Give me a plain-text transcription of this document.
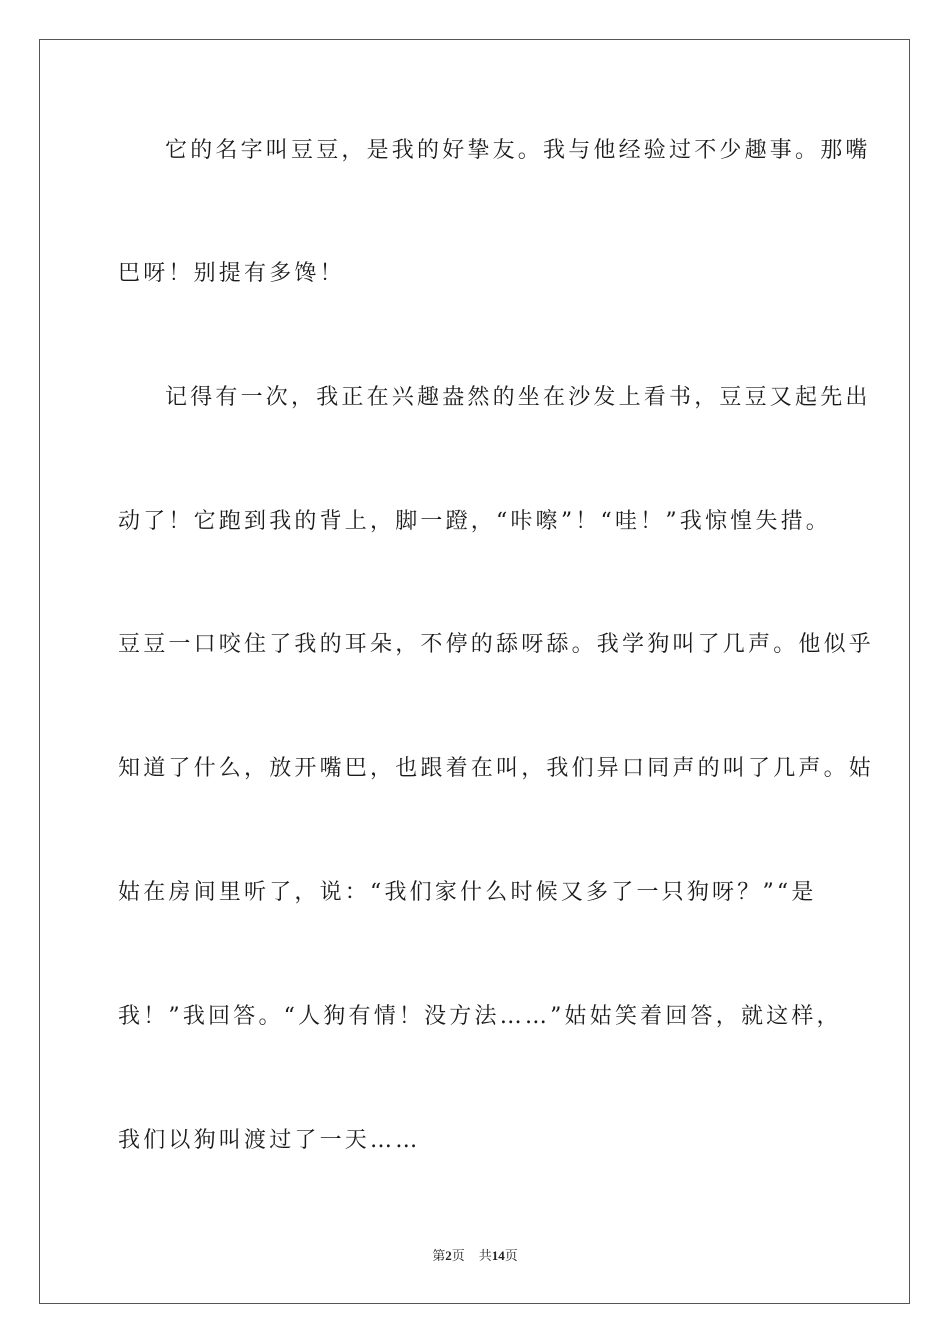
它的名字叫豆豆，是我的好挚友。我与他经验过不少趣事。那嘴
巴呀！别提有多馋！
记得有一次，我正在兴趣盎然的坐在沙发上看书，豆豆又起先出
动了！它跑到我的背上，脚一蹬，“咔嚓”！“哇！”我惊惶失措。
豆豆一口咬住了我的耳朵，不停的舔呀舔。我学狗叫了几声。他似乎
知道了什么，放开嘴巴，也跟着在叫，我们异口同声的叫了几声。姑
姑在房间里听了，说：“我们家什么时候又多了一只狗呀？”“是
我！”我回答。“人狗有情！没方法……”姑姑笑着回答，就这样，
我们以狗叫渡过了一天……
第2页 共14页
